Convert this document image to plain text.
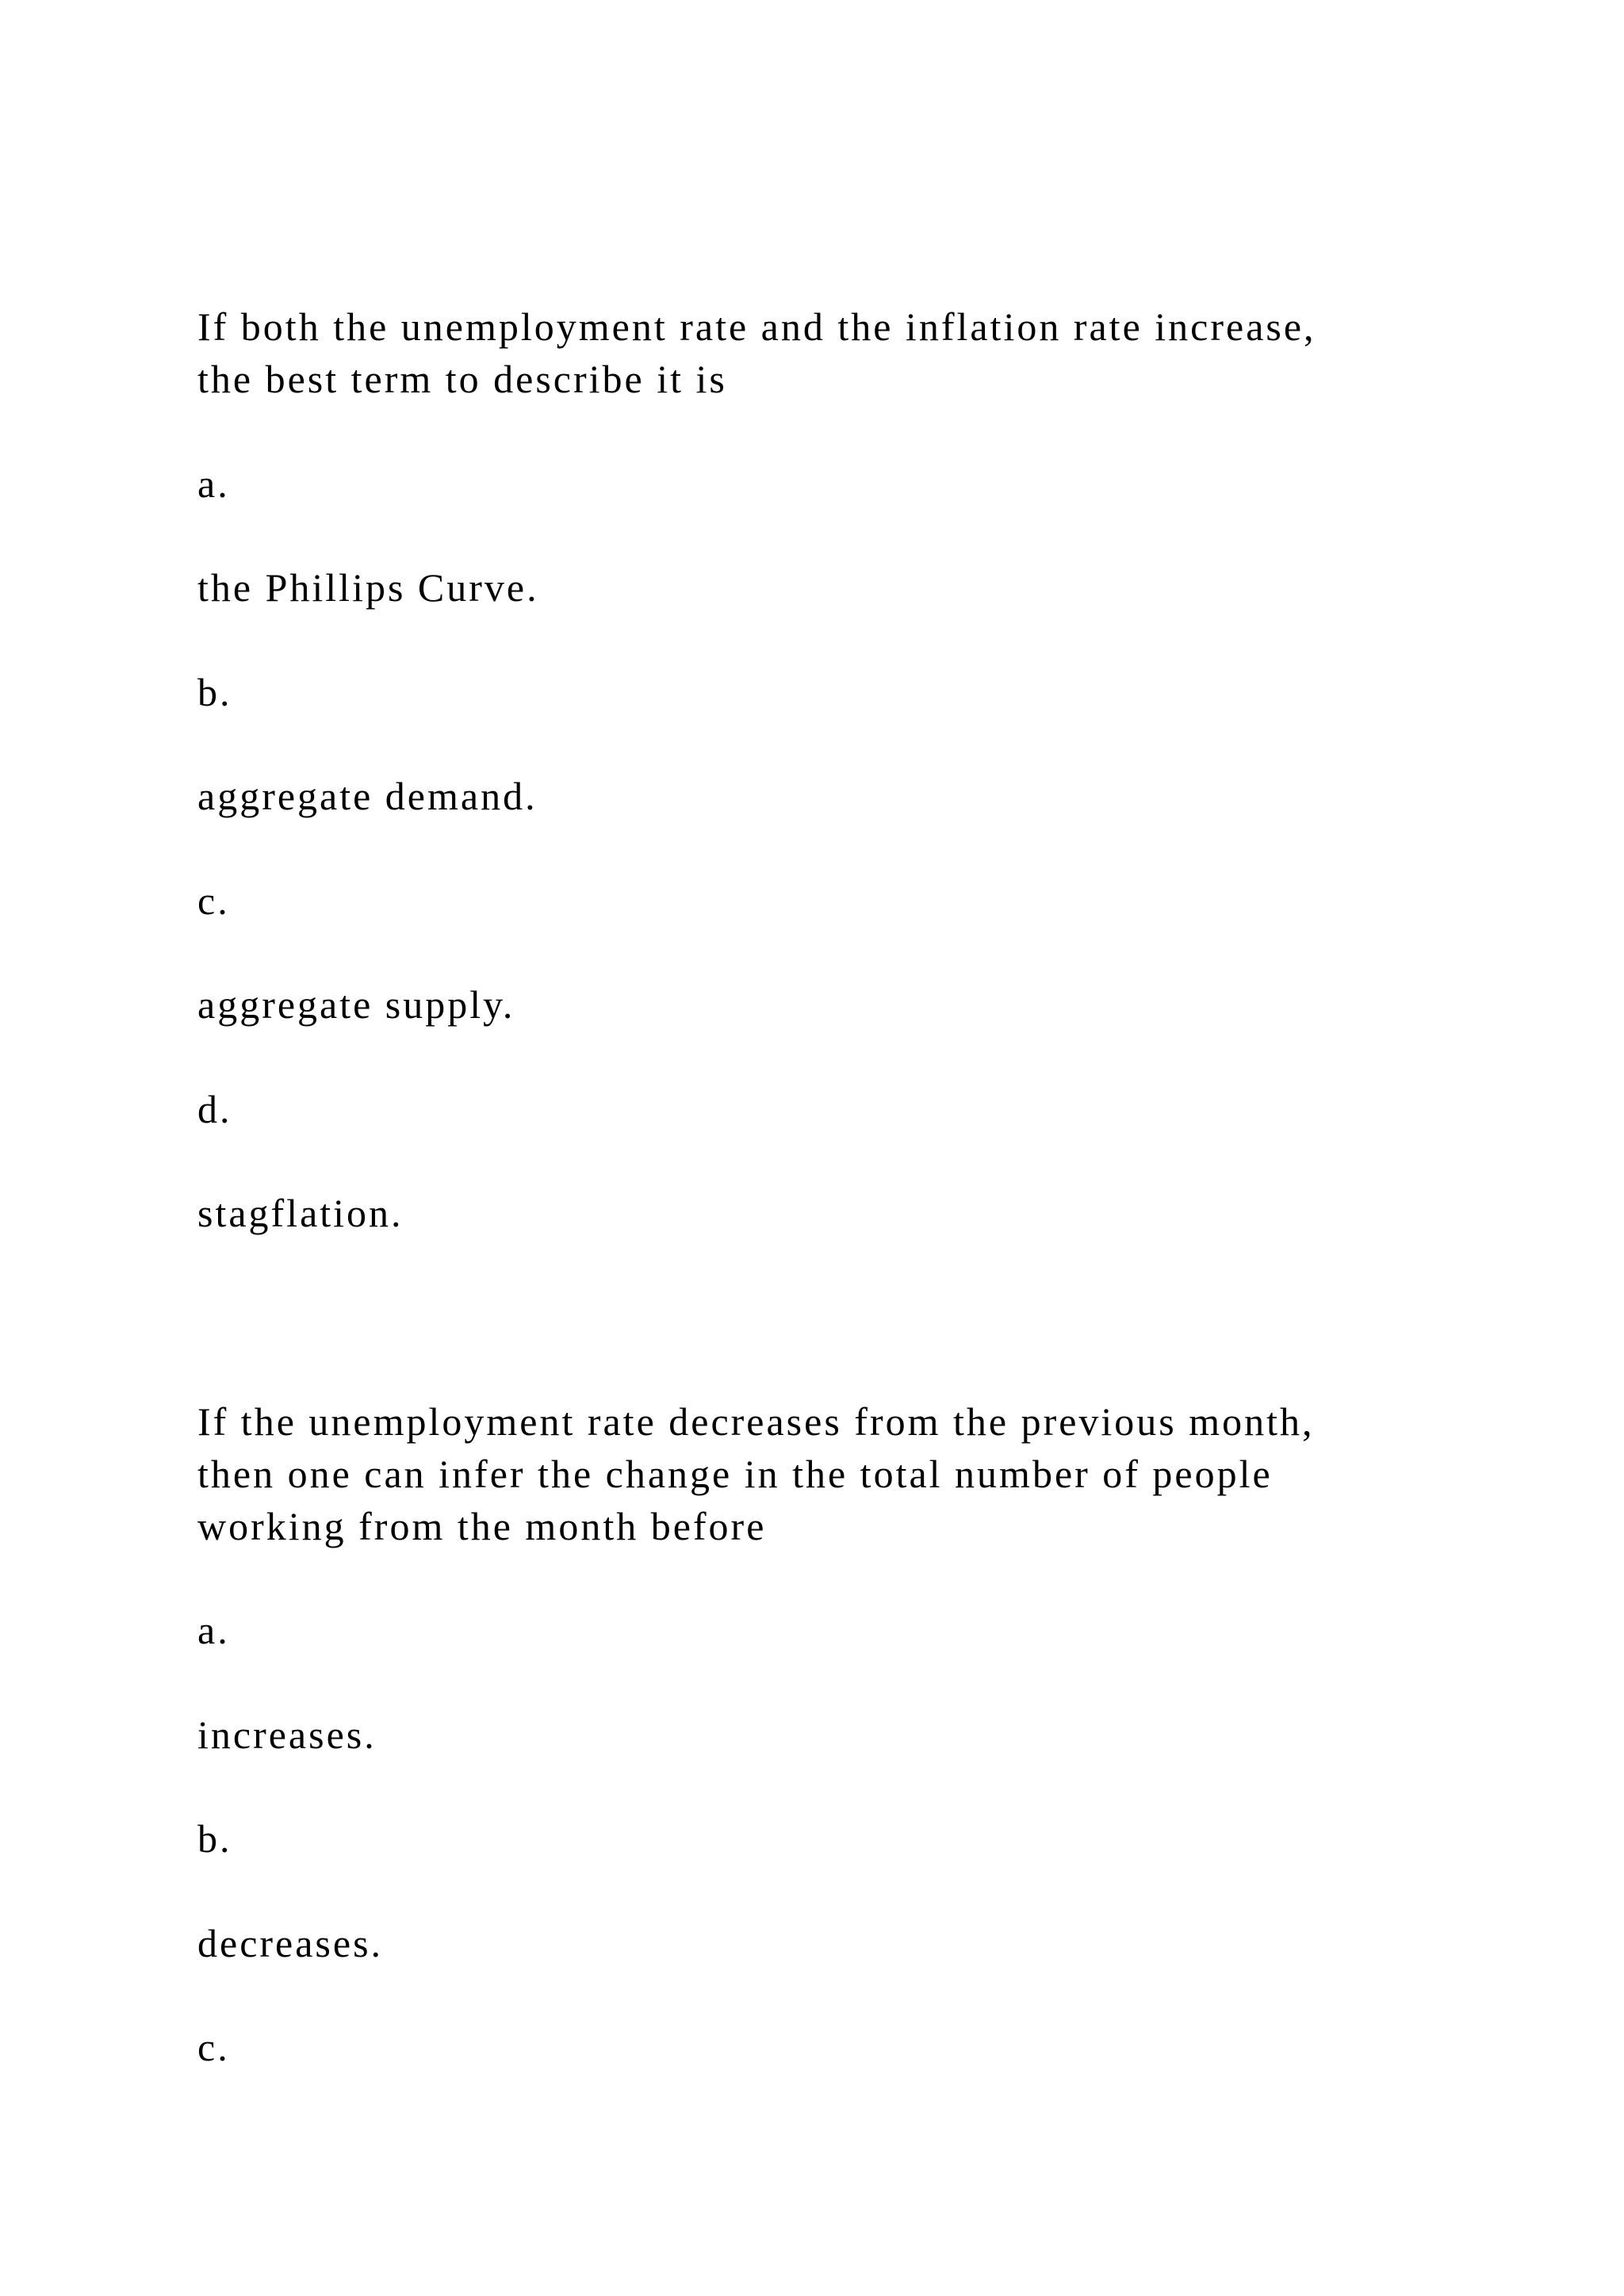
If both the unemployment rate and the inflation rate increase,
the best term to describe it is
a.
the Phillips Curve.
b.
aggregate demand.
c.
aggregate supply.
d.
stagflation.
If the unemployment rate decreases from the previous month,
then one can infer the change in the total number of people
working from the month before
a.
increases.
b.
decreases.
c.
